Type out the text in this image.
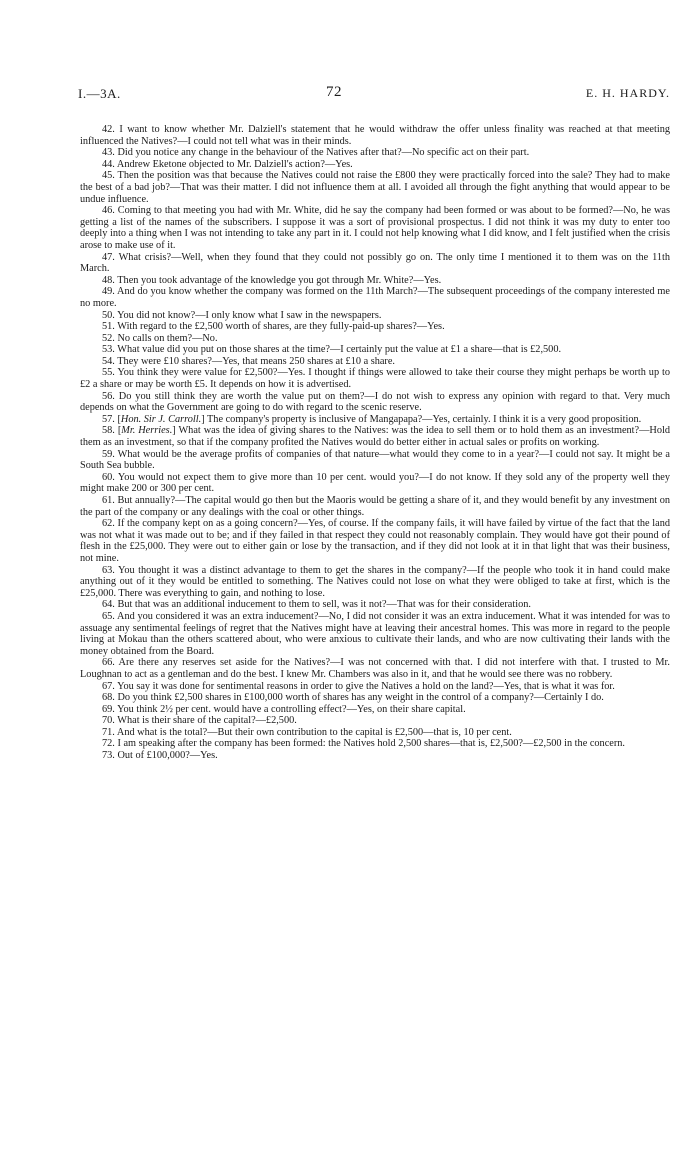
I.—3A.	72	E. H. HARDY.

42. I want to know whether Mr. Dalziell's statement that he would withdraw the offer unless finality was reached at that meeting influenced the Natives?—I could not tell what was in their minds.

43. Did you notice any change in the behaviour of the Natives after that?—No specific act on their part.

44. Andrew Eketone objected to Mr. Dalziell's action?—Yes.

45. Then the position was that because the Natives could not raise the £800 they were practically forced into the sale? They had to make the best of a bad job?—That was their matter. I did not influence them at all. I avoided all through the fight anything that would appear to be undue influence.

46. Coming to that meeting you had with Mr. White, did he say the company had been formed or was about to be formed?—No, he was getting a list of the names of the subscribers. I suppose it was a sort of provisional prospectus. I did not think it was my duty to enter too deeply into a thing when I was not intending to take any part in it. I could not help knowing what I did know, and I felt justified when the crisis arose to make use of it.

47. What crisis?—Well, when they found that they could not possibly go on. The only time I mentioned it to them was on the 11th March.

48. Then you took advantage of the knowledge you got through Mr. White?—Yes.

49. And do you know whether the company was formed on the 11th March?—The subsequent proceedings of the company interested me no more.

50. You did not know?—I only know what I saw in the newspapers.

51. With regard to the £2,500 worth of shares, are they fully-paid-up shares?—Yes.

52. No calls on them?—No.

53. What value did you put on those shares at the time?—I certainly put the value at £1 a share—that is £2,500.

54. They were £10 shares?—Yes, that means 250 shares at £10 a share.

55. You think they were value for £2,500?—Yes. I thought if things were allowed to take their course they might perhaps be worth up to £2 a share or may be worth £5. It depends on how it is advertised.

56. Do you still think they are worth the value put on them?—I do not wish to express any opinion with regard to that. Very much depends on what the Government are going to do with regard to the scenic reserve.

57. [Hon. Sir J. Carroll.] The company's property is inclusive of Mangapapa?—Yes, certainly. I think it is a very good proposition.

58. [Mr. Herries.] What was the idea of giving shares to the Natives: was the idea to sell them or to hold them as an investment?—Hold them as an investment, so that if the company profited the Natives would do better either in actual sales or profits on working.

59. What would be the average profits of companies of that nature—what would they come to in a year?—I could not say. It might be a South Sea bubble.

60. You would not expect them to give more than 10 per cent. would you?—I do not know. If they sold any of the property well they might make 200 or 300 per cent.

61. But annually?—The capital would go then but the Maoris would be getting a share of it, and they would benefit by any investment on the part of the company or any dealings with the coal or other things.

62. If the company kept on as a going concern?—Yes, of course. If the company fails, it will have failed by virtue of the fact that the land was not what it was made out to be; and if they failed in that respect they could not reasonably complain. They would have got their pound of flesh in the £25,000. They were out to either gain or lose by the transaction, and if they did not look at it in that light that was their business, not mine.

63. You thought it was a distinct advantage to them to get the shares in the company?—If the people who took it in hand could make anything out of it they would be entitled to something. The Natives could not lose on what they were obliged to take at first, which is the £25,000. There was everything to gain, and nothing to lose.

64. But that was an additional inducement to them to sell, was it not?—That was for their consideration.

65. And you considered it was an extra inducement?—No, I did not consider it was an extra inducement. What it was intended for was to assuage any sentimental feelings of regret that the Natives might have at leaving their ancestral homes. This was more in regard to the people living at Mokau than the others scattered about, who were anxious to cultivate their lands, and who are now cultivating their lands with the money obtained from the Board.

66. Are there any reserves set aside for the Natives?—I was not concerned with that. I did not interfere with that. I trusted to Mr. Loughnan to act as a gentleman and do the best. I knew Mr. Chambers was also in it, and that he would see there was no robbery.

67. You say it was done for sentimental reasons in order to give the Natives a hold on the land?—Yes, that is what it was for.

68. Do you think £2,500 shares in £100,000 worth of shares has any weight in the control of a company?—Certainly I do.

69. You think 2½ per cent. would have a controlling effect?—Yes, on their share capital.

70. What is their share of the capital?—£2,500.

71. And what is the total?—But their own contribution to the capital is £2,500—that is, 10 per cent.

72. I am speaking after the company has been formed: the Natives hold 2,500 shares—that is, £2,500?—£2,500 in the concern.

73. Out of £100,000?—Yes.
